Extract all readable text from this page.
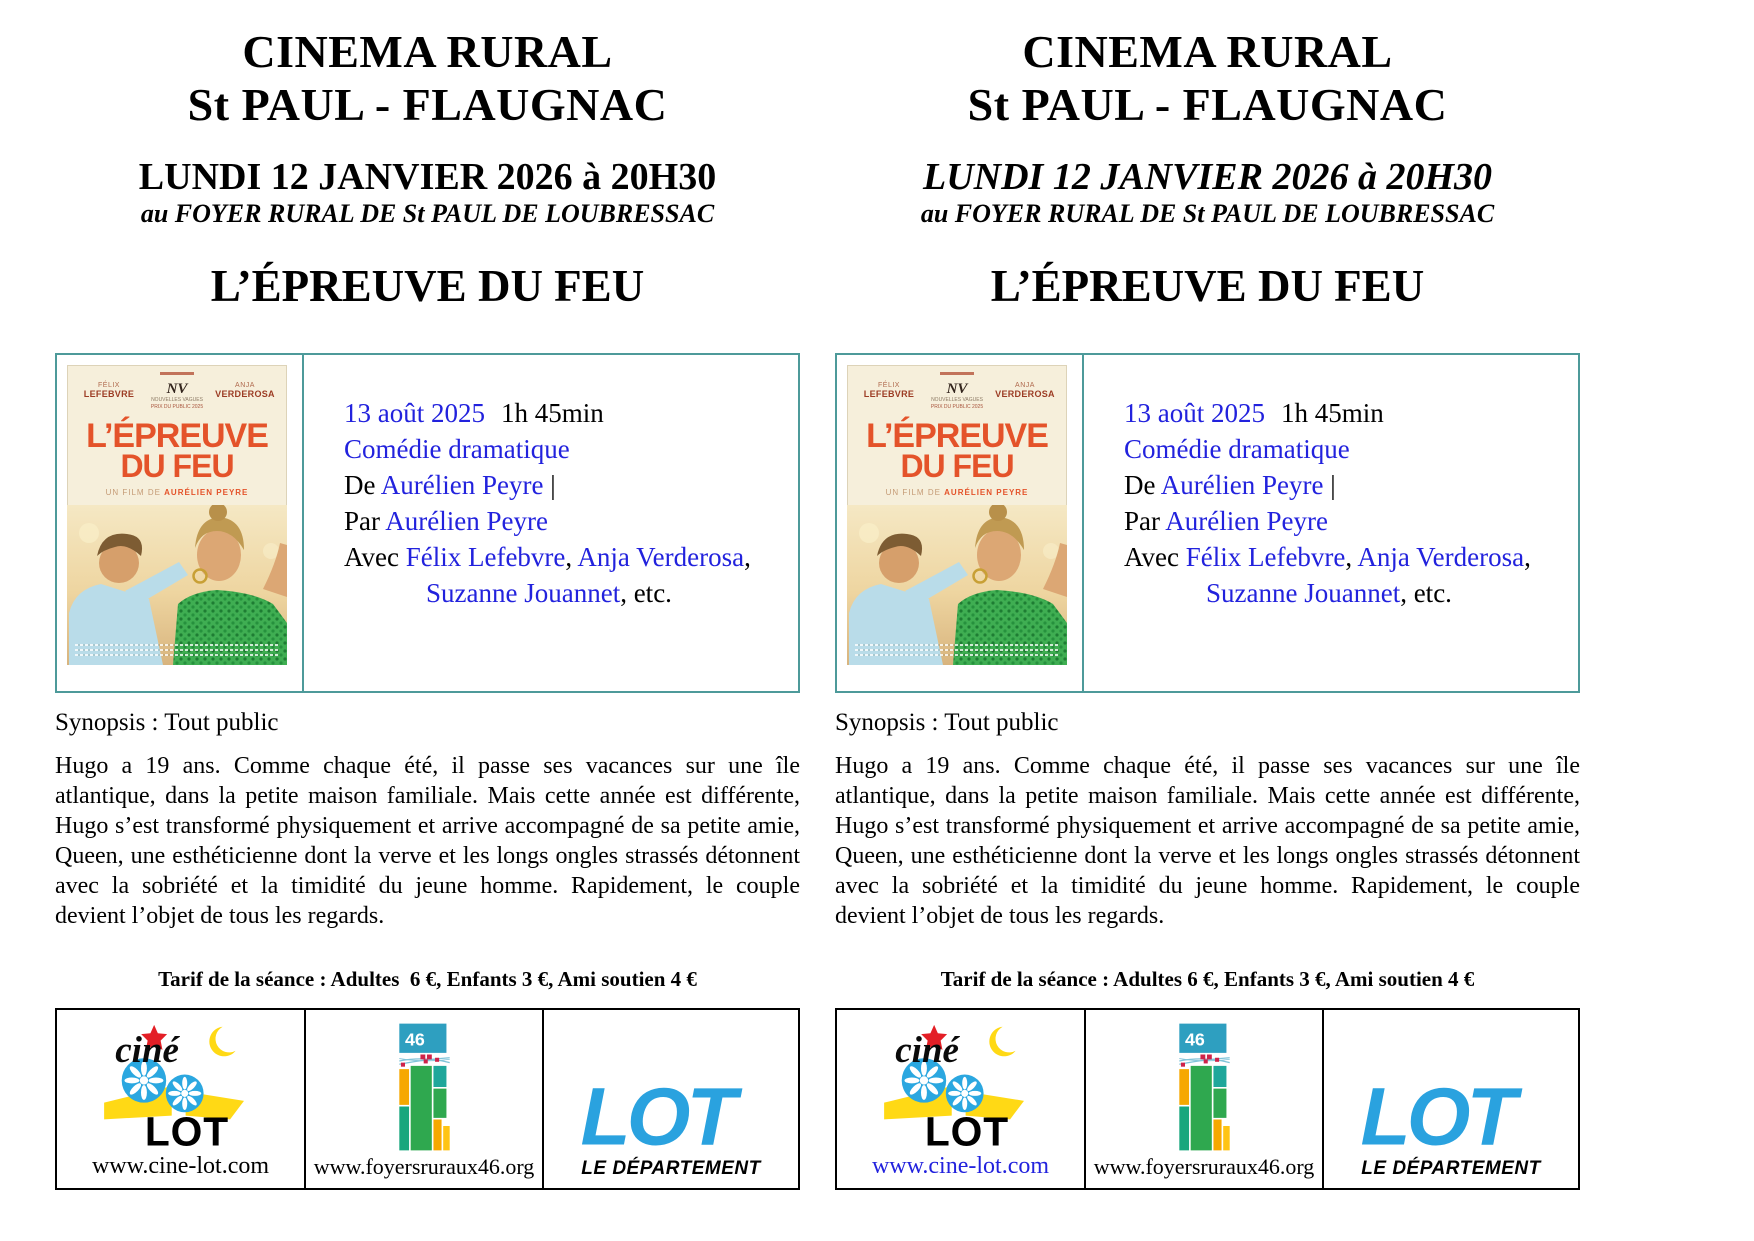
CINEMA RURAL
St PAUL - FLAUGNAC
LUNDI 12 JANVIER 2026 à 20H30
au FOYER RURAL DE St PAUL DE LOUBRESSAC
L’ÉPREUVE DU FEU
FÉLIX
LEFEBVRE	NV
NOUVELLES VAGUES
PRIX DU PUBLIC 2025
ANJA
VERDEROSA
L’ÉPREUVE
DU FEU
UN FILM DE AURÉLIEN PEYRE
13 août 2025 1h 45min
Comédie dramatique
De Aurélien Peyre |
Par Aurélien Peyre
Avec Félix Lefebvre, Anja Verderosa,
Suzanne Jouannet, etc.
Synopsis : Tout public
Hugo a 19 ans. Comme chaque été, il passe ses vacances sur une île atlantique, dans la petite maison familiale. Mais cette année est différente, Hugo s’est transformé physiquement et arrive accompagné de sa petite amie, Queen, une esthéticienne dont la verve et les longs ongles strassés détonnent avec la sobriété et la timidité du jeune homme. Rapidement, le couple devient l’objet de tous les regards.
Tarif de la séance : Adultes  6 €, Enfants 3 €, Ami soutien 4 €
ciné
LOT
www.cine-lot.com
46
www.foyersruraux46.org
LOT
LE DÉPARTEMENT
CINEMA RURAL
St PAUL - FLAUGNAC
LUNDI 12 JANVIER 2026 à 20H30
au FOYER RURAL DE St PAUL DE LOUBRESSAC
L’ÉPREUVE DU FEU
FÉLIX
LEFEBVRE	NV
NOUVELLES VAGUES
PRIX DU PUBLIC 2025
ANJA
VERDEROSA
L’ÉPREUVE
DU FEU
UN FILM DE AURÉLIEN PEYRE
13 août 2025 1h 45min
Comédie dramatique
De Aurélien Peyre |
Par Aurélien Peyre
Avec Félix Lefebvre, Anja Verderosa,
Suzanne Jouannet, etc.
Synopsis : Tout public
Hugo a 19 ans. Comme chaque été, il passe ses vacances sur une île atlantique, dans la petite maison familiale. Mais cette année est différente, Hugo s’est transformé physiquement et arrive accompagné de sa petite amie, Queen, une esthéticienne dont la verve et les longs ongles strassés détonnent avec la sobriété et la timidité du jeune homme. Rapidement, le couple devient l’objet de tous les regards.
Tarif de la séance : Adultes 6 €, Enfants 3 €, Ami soutien 4 €
ciné
LOT
www.cine-lot.com
46
www.foyersruraux46.org
LOT
LE DÉPARTEMENT
